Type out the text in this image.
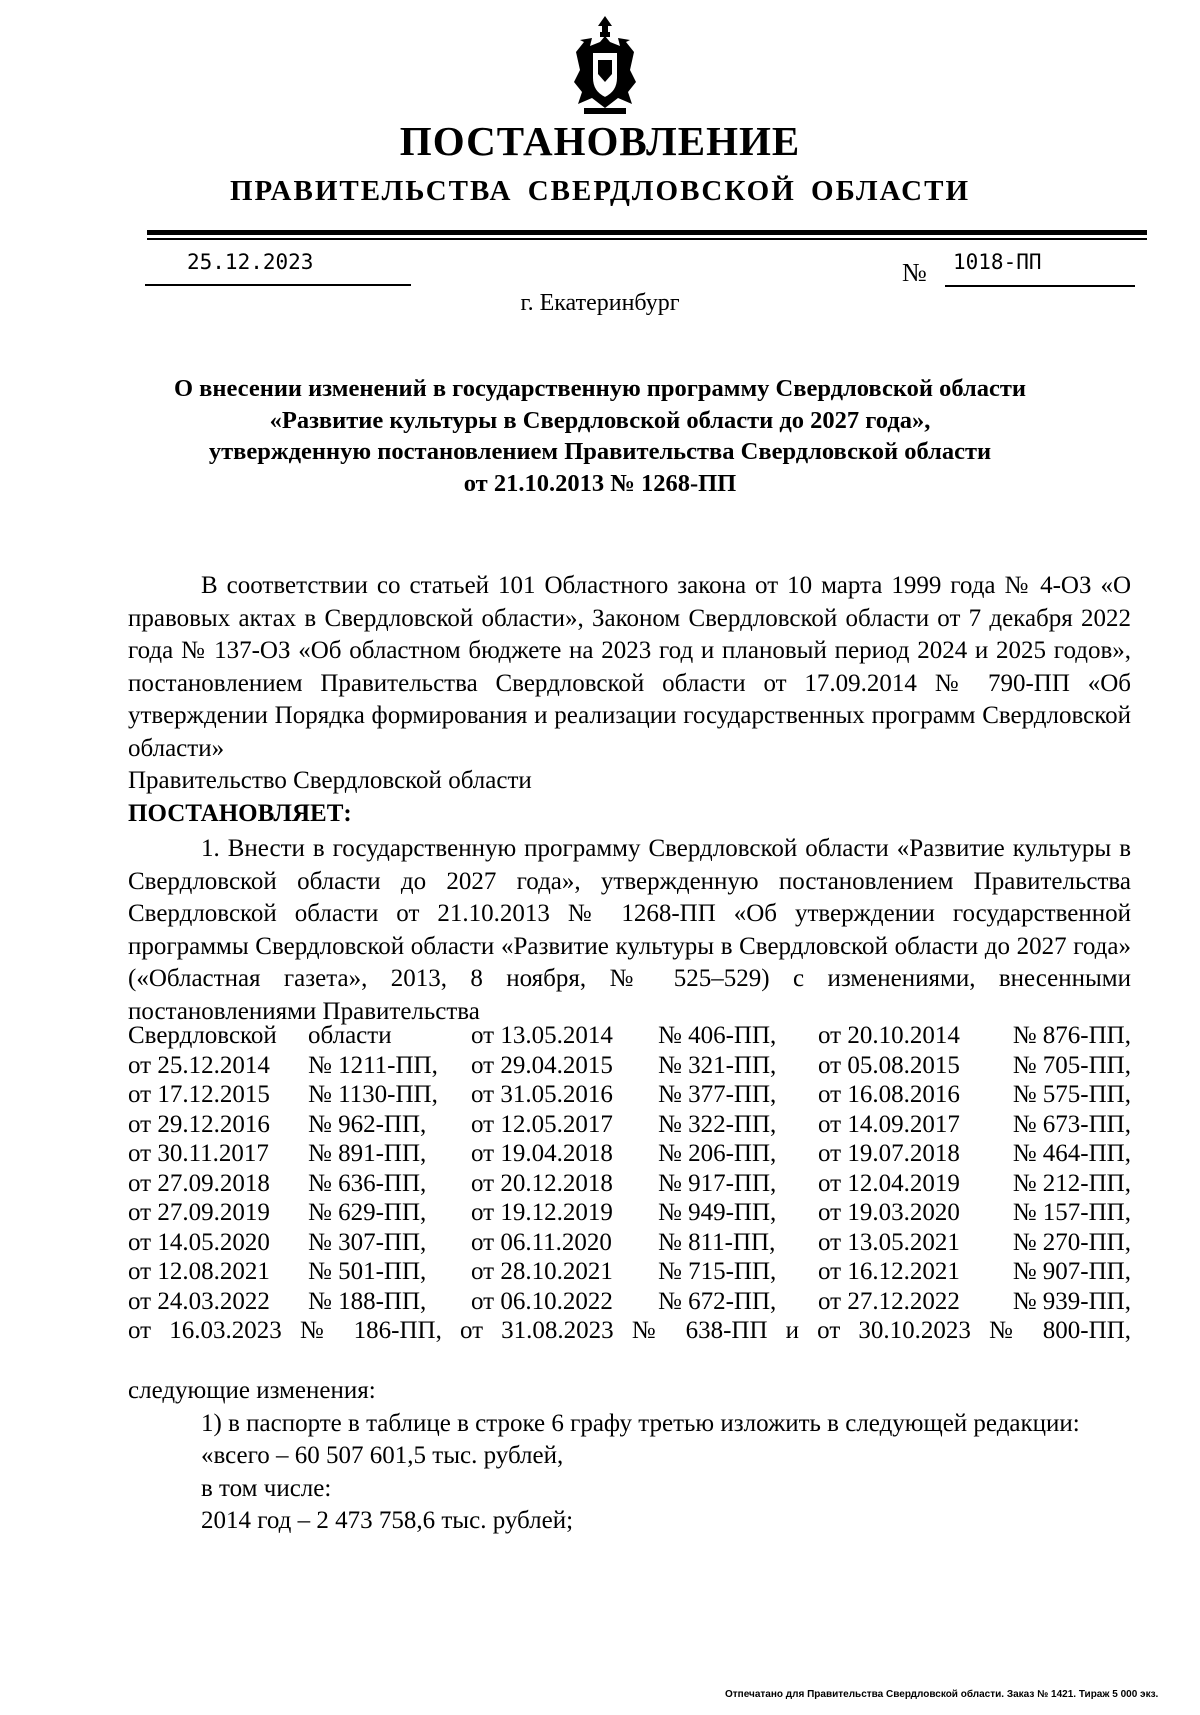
ПОСТАНОВЛЕНИЕ
ПРАВИТЕЛЬСТВА СВЕРДЛОВСКОЙ ОБЛАСТИ
25.12.2023	№ 1018-ПП
г. Екатеринбург
О внесении изменений в государственную программу Свердловской области
«Развитие культуры в Свердловской области до 2027 года»,
утвержденную постановлением Правительства Свердловской области
от 21.10.2013 № 1268-ПП

В соответствии со статьей 101 Областного закона от 10 марта 1999 года № 4-ОЗ «О правовых актах в Свердловской области», Законом Свердловской области от 7 декабря 2022 года № 137-ОЗ «Об областном бюджете на 2023 год и плановый период 2024 и 2025 годов», постановлением Правительства Свердловской области от 17.09.2014 № 790-ПП «Об утверждении Порядка формирования и реализации государственных программ Свердловской области»

Правительство Свердловской области

ПОСТАНОВЛЯЕТ:

1. Внести в государственную программу Свердловской области «Развитие культуры в Свердловской области до 2027 года», утвержденную постановлением Правительства Свердловской области от 21.10.2013 № 1268-ПП «Об утверждении государственной программы Свердловской области «Развитие культуры в Свердловской области до 2027 года» («Областная газета», 2013, 8 ноября, № 525–529) с изменениями, внесенными постановлениями Правительства

Свердловской области	от 13.05.2014 № 406-ПП, от 20.10.2014 № 876-ПП,
от 25.12.2014 № 1211-ПП, от 29.04.2015 № 321-ПП, от 05.08.2015 № 705-ПП,
от 17.12.2015 № 1130-ПП, от 31.05.2016 № 377-ПП, от 16.08.2016 № 575-ПП,
от 29.12.2016 № 962-ПП, от 12.05.2017 № 322-ПП, от 14.09.2017 № 673-ПП,
от 30.11.2017 № 891-ПП, от 19.04.2018 № 206-ПП, от 19.07.2018 № 464-ПП,
от 27.09.2018 № 636-ПП, от 20.12.2018 № 917-ПП, от 12.04.2019 № 212-ПП,
от 27.09.2019 № 629-ПП, от 19.12.2019 № 949-ПП, от 19.03.2020 № 157-ПП,
от 14.05.2020 № 307-ПП, от 06.11.2020 № 811-ПП, от 13.05.2021 № 270-ПП,
от 12.08.2021 № 501-ПП, от 28.10.2021 № 715-ПП, от 16.12.2021 № 907-ПП,
от 24.03.2022 № 188-ПП, от 06.10.2022 № 672-ПП, от 27.12.2022 № 939-ПП,
от 16.03.2023 № 186-ПП, от 31.08.2023 № 638-ПП и от 30.10.2023 № 800-ПП,

следующие изменения:

1) в паспорте в таблице в строке 6 графу третью изложить в следующей редакции:

«всего – 60 507 601,5 тыс. рублей,

в том числе:

2014 год – 2 473 758,6 тыс. рублей;

Отпечатано для Правительства Свердловской области. Заказ № 1421. Тираж 5 000 экз.
